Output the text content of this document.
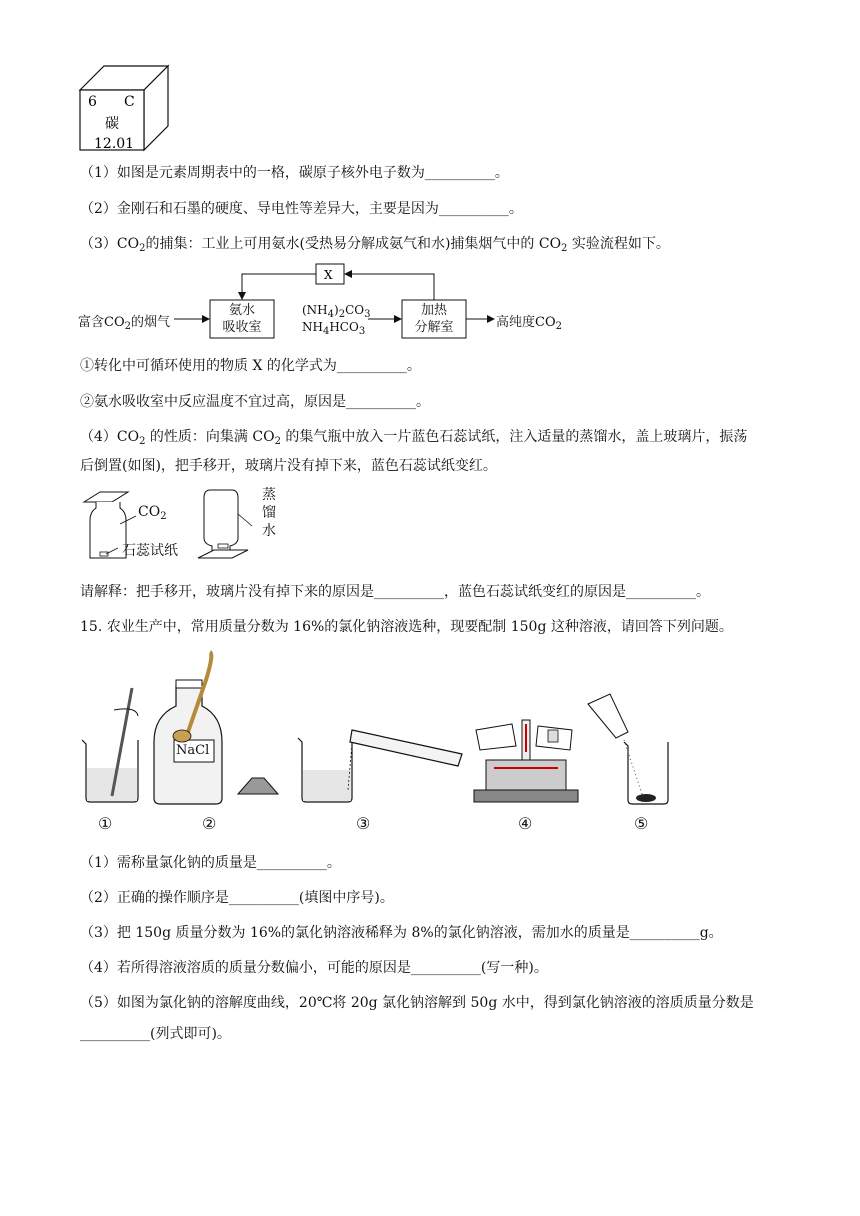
6 C
碳
12.01
（1）如图是元素周期表中的一格，碳原子核外电子数为__________。
（2）金刚石和石墨的硬度、导电性等差异大，主要是因为__________。
$(3)CO_2$的捕集：工业上可用氨水(受热易分解成氨气和水)捕集烟气中的 $CO_2$ 实验流程如下。
X
富含$CO_2$的烟气
氨水
吸收室
$(NH_4)_2CO_3$
$NH_4HCO_3$
加热
分解室	高纯度$CO_2$
①转化中可循环使用的物质 X 的化学式为__________。
②氨水吸收室中反应温度不宜过高，原因是__________。
$(4)CO_2$ 的性质：向集满 $CO_2$ 的集气瓶中放入一片蓝色石蕊试纸，注入适量的蒸馏水，盖上玻璃片，振荡
后倒置(如图)，把手移开，玻璃片没有掉下来，蓝色石蕊试纸变红。
$CO_2$
石蕊试纸
蒸
馏
水
请解释：把手移开，玻璃片没有掉下来的原因是__________，蓝色石蕊试纸变红的原因是__________。
15. 农业生产中，常用质量分数为 16%的氯化钠溶液选种，现要配制 150g 这种溶液，请回答下列问题。
NaCl
①	②	③	④	⑤
（1）需称量氯化钠的质量是__________。
（2）正确的操作顺序是__________(填图中序号)。
（3）把 150g 质量分数为 16%的氯化钠溶液稀释为 8%的氯化钠溶液，需加水的质量是__________g。
（4）若所得溶液溶质的质量分数偏小，可能的原因是__________(写一种)。
（5）如图为氯化钠的溶解度曲线，20℃将 20g 氯化钠溶解到 50g 水中，得到氯化钠溶液的溶质质量分数是
__________(列式即可)。
